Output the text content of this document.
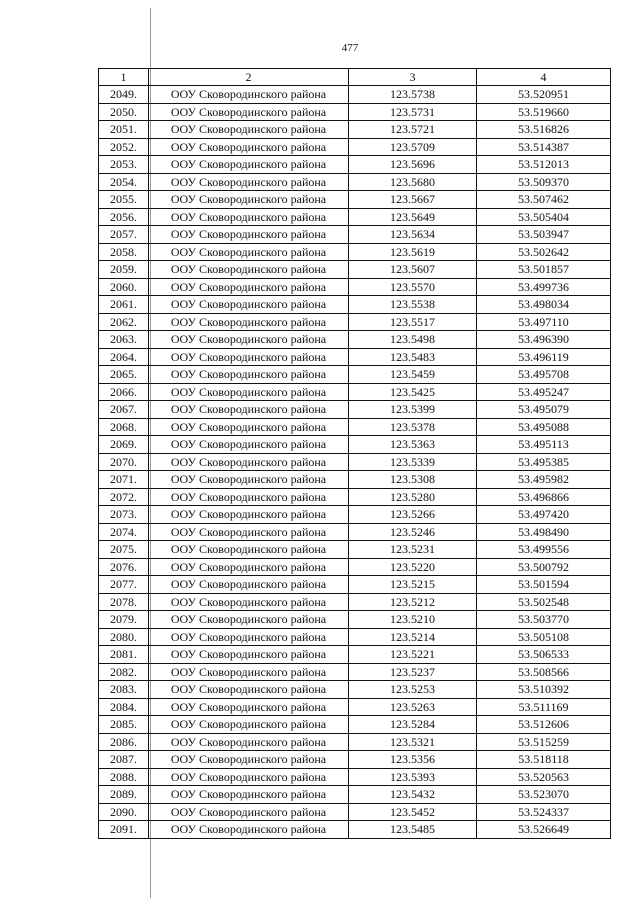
477
1	2	3	4
2049.	ООУ Сковородинского района	123.5738	53.520951
2050.	ООУ Сковородинского района	123.5731	53.519660
2051.	ООУ Сковородинского района	123.5721	53.516826
2052.	ООУ Сковородинского района	123.5709	53.514387
2053.	ООУ Сковородинского района	123.5696	53.512013
2054.	ООУ Сковородинского района	123.5680	53.509370
2055.	ООУ Сковородинского района	123.5667	53.507462
2056.	ООУ Сковородинского района	123.5649	53.505404
2057.	ООУ Сковородинского района	123.5634	53.503947
2058.	ООУ Сковородинского района	123.5619	53.502642
2059.	ООУ Сковородинского района	123.5607	53.501857
2060.	ООУ Сковородинского района	123.5570	53.499736
2061.	ООУ Сковородинского района	123.5538	53.498034
2062.	ООУ Сковородинского района	123.5517	53.497110
2063.	ООУ Сковородинского района	123.5498	53.496390
2064.	ООУ Сковородинского района	123.5483	53.496119
2065.	ООУ Сковородинского района	123.5459	53.495708
2066.	ООУ Сковородинского района	123.5425	53.495247
2067.	ООУ Сковородинского района	123.5399	53.495079
2068.	ООУ Сковородинского района	123.5378	53.495088
2069.	ООУ Сковородинского района	123.5363	53.495113
2070.	ООУ Сковородинского района	123.5339	53.495385
2071.	ООУ Сковородинского района	123.5308	53.495982
2072.	ООУ Сковородинского района	123.5280	53.496866
2073.	ООУ Сковородинского района	123.5266	53.497420
2074.	ООУ Сковородинского района	123.5246	53.498490
2075.	ООУ Сковородинского района	123.5231	53.499556
2076.	ООУ Сковородинского района	123.5220	53.500792
2077.	ООУ Сковородинского района	123.5215	53.501594
2078.	ООУ Сковородинского района	123.5212	53.502548
2079.	ООУ Сковородинского района	123.5210	53.503770
2080.	ООУ Сковородинского района	123.5214	53.505108
2081.	ООУ Сковородинского района	123.5221	53.506533
2082.	ООУ Сковородинского района	123.5237	53.508566
2083.	ООУ Сковородинского района	123.5253	53.510392
2084.	ООУ Сковородинского района	123.5263	53.511169
2085.	ООУ Сковородинского района	123.5284	53.512606
2086.	ООУ Сковородинского района	123.5321	53.515259
2087.	ООУ Сковородинского района	123.5356	53.518118
2088.	ООУ Сковородинского района	123.5393	53.520563
2089.	ООУ Сковородинского района	123.5432	53.523070
2090.	ООУ Сковородинского района	123.5452	53.524337
2091.	ООУ Сковородинского района	123.5485	53.526649
